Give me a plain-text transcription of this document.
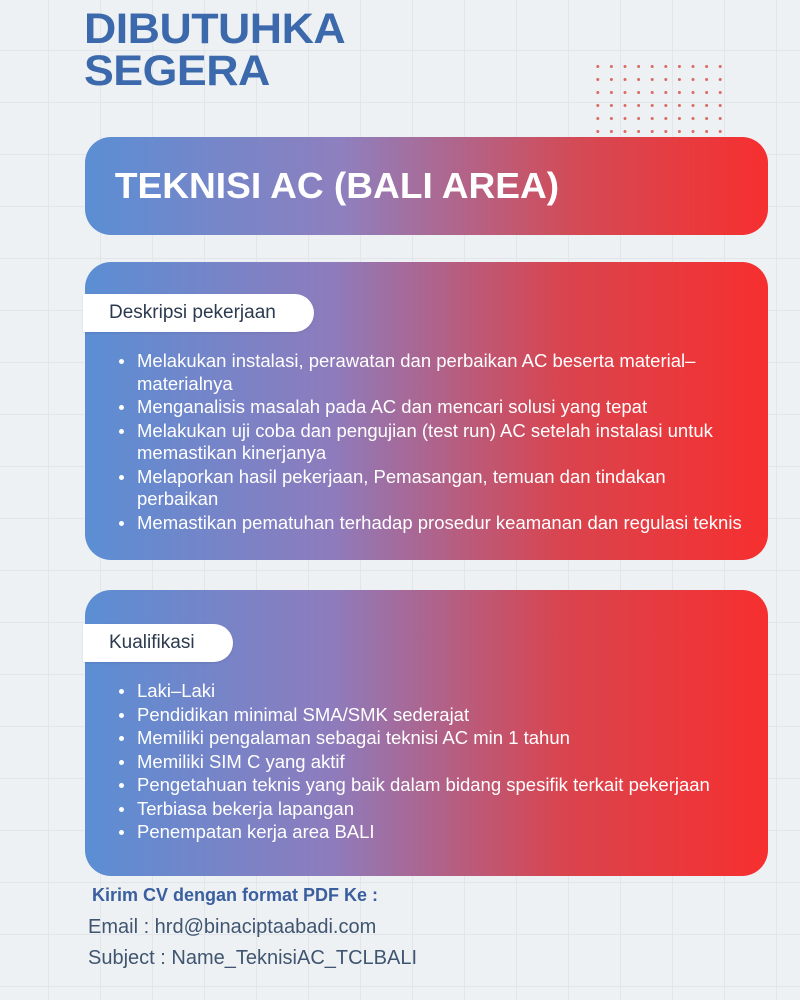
DIBUTUHKA
SEGERA
TEKNISI AC (BALI AREA)
Deskripsi pekerjaan
Melakukan instalasi, perawatan dan perbaikan AC beserta material–materialnya
Menganalisis masalah pada AC dan mencari solusi yang tepat
Melakukan uji coba dan pengujian (test run) AC setelah instalasi untuk memastikan kinerjanya
Melaporkan hasil pekerjaan, Pemasangan, temuan dan tindakan perbaikan
Memastikan pematuhan terhadap prosedur keamanan dan regulasi teknis
Kualifikasi
Laki–Laki
Pendidikan minimal SMA/SMK sederajat
Memiliki pengalaman sebagai teknisi AC min 1 tahun
Memiliki SIM C yang aktif
Pengetahuan teknis yang baik dalam bidang spesifik terkait pekerjaan
Terbiasa bekerja lapangan
Penempatan kerja area BALI
Kirim CV dengan format PDF Ke :
Email : hrd@binaciptaabadi.com
Subject : Name_TeknisiAC_TCLBALI
